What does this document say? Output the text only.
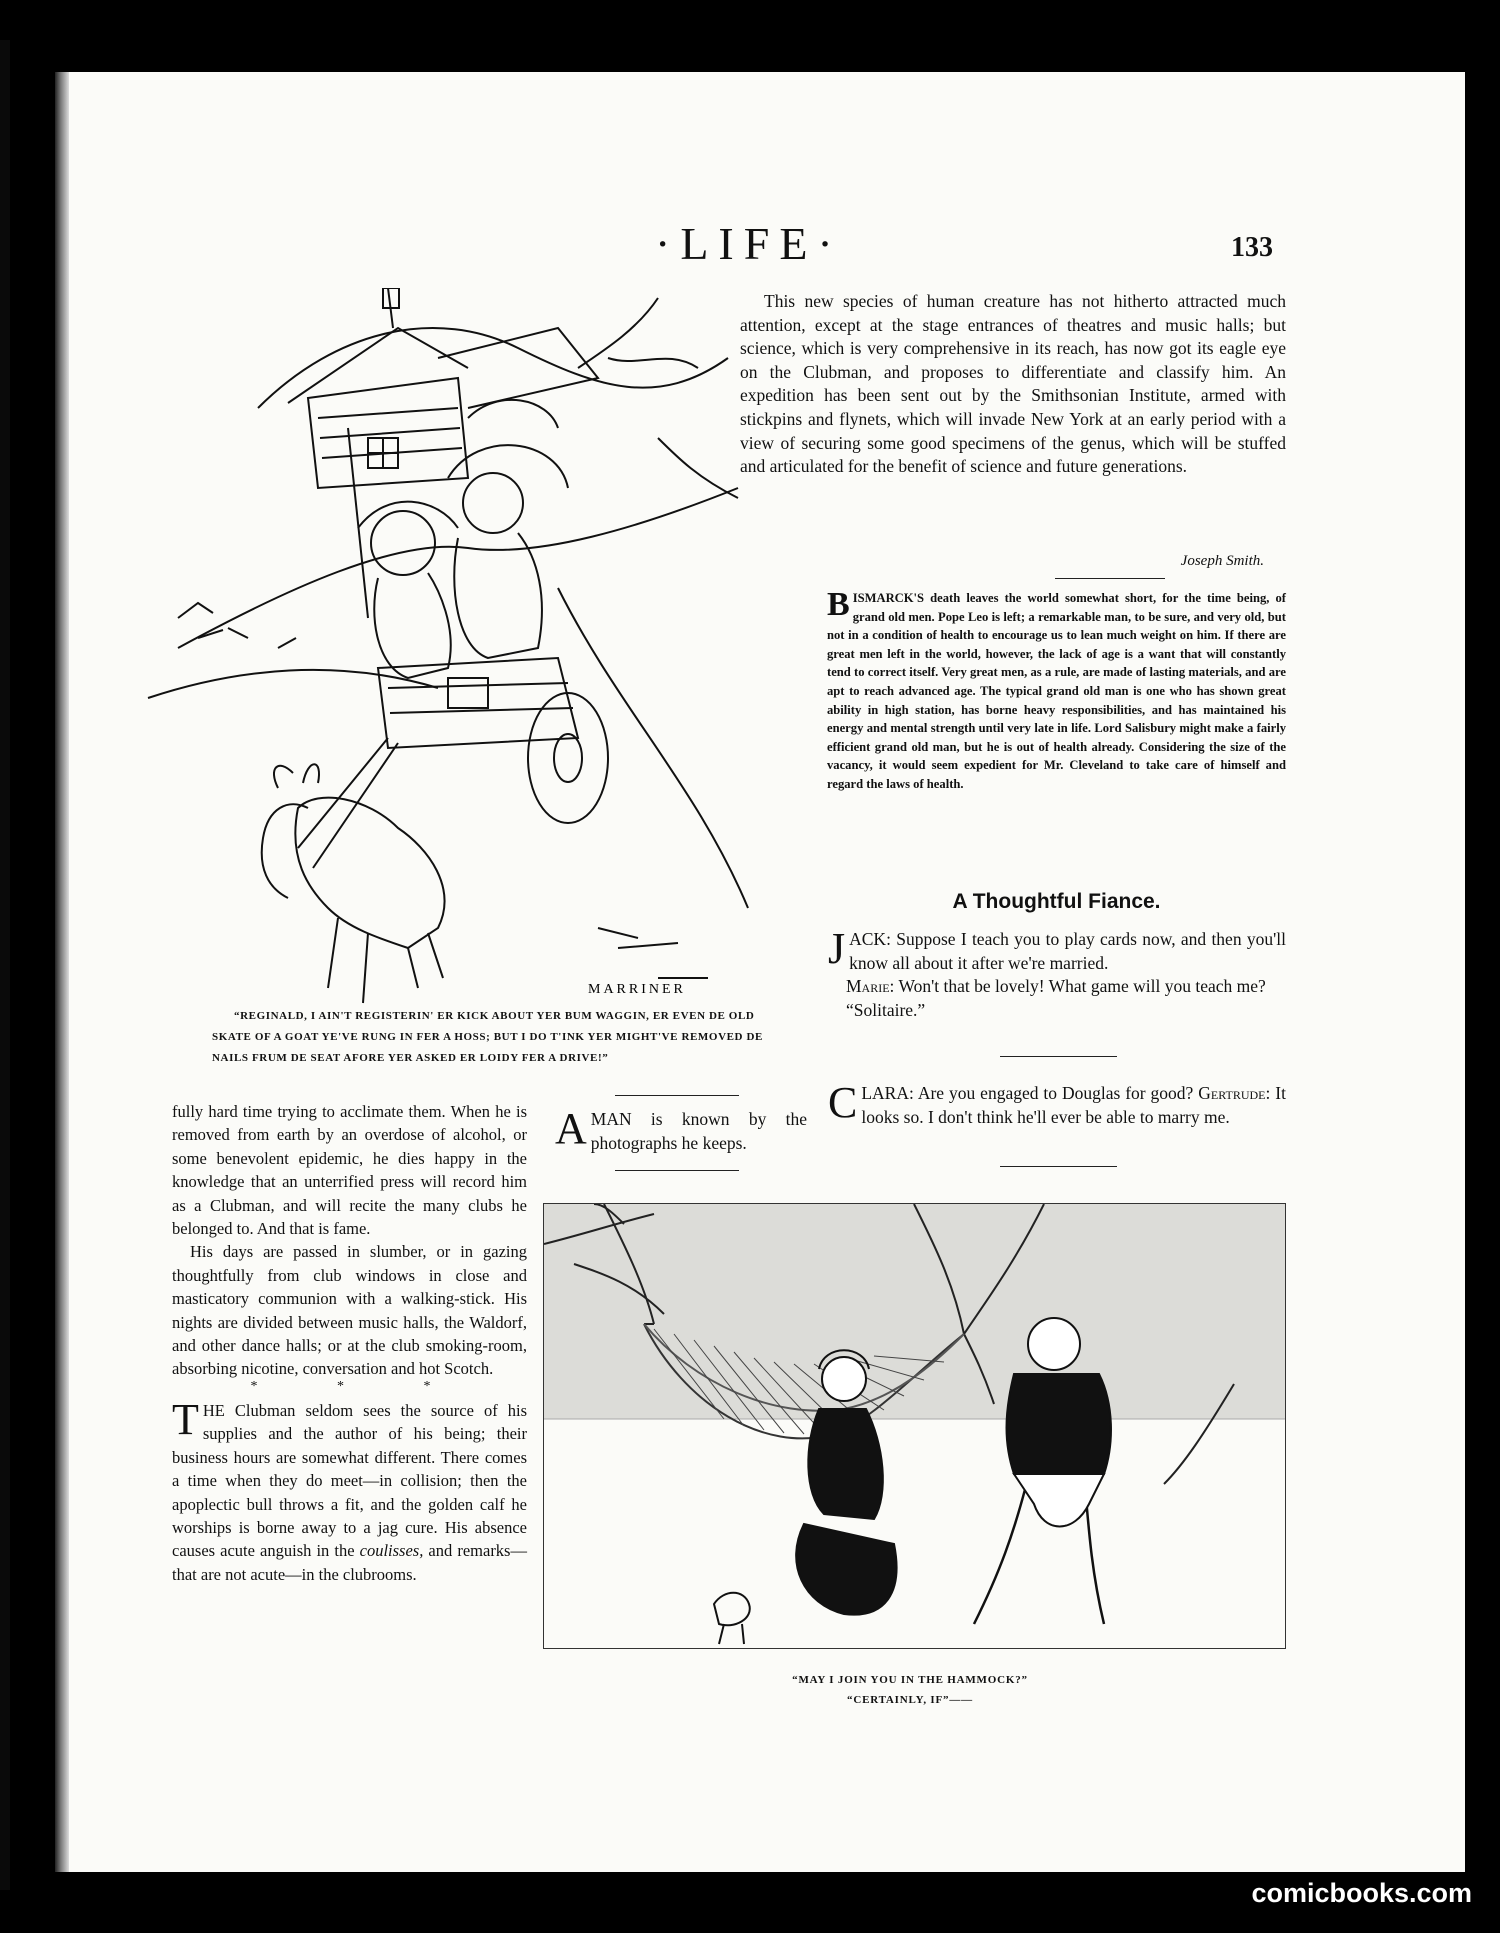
·LIFE·	133
MARRINER
“REGINALD, I AIN'T REGISTERIN' ER KICK ABOUT YER BUM WAGGIN, ER EVEN DE OLD SKATE OF A GOAT YE'VE RUNG IN FER A HOSS; BUT I DO T'INK YER MIGHT'VE REMOVED DE NAILS FRUM DE SEAT AFORE YER ASKED ER LOIDY FER A DRIVE!”

This new species of human creature has not hitherto attracted much attention, except at the stage entrances of theatres and music halls; but science, which is very comprehensive in its reach, has now got its eagle eye on the Clubman, and proposes to differentiate and classify him. An expedition has been sent out by the Smithsonian Institute, armed with stickpins and flynets, which will invade New York at an early period with a view of securing some good specimens of the genus, which will be stuffed and articulated for the benefit of science and future generations.

Joseph Smith.
B ISMARCK'S death leaves the world somewhat short, for the time being, of grand old men. Pope Leo is left; a remarkable man, to be sure, and very old, but not in a condition of health to encourage us to lean much weight on him. If there are great men left in the world, however, the lack of age is a want that will constantly tend to correct itself. Very great men, as a rule, are made of lasting materials, and are apt to reach advanced age. The typical grand old man is one who has shown great ability in high station, has borne heavy responsibilities, and has maintained his energy and mental strength until very late in life. Lord Salisbury might make a fairly efficient grand old man, but he is out of health already. Considering the size of the vacancy, it would seem expedient for Mr. Cleveland to take care of himself and regard the laws of health.
A Thoughtful Fiance.

JACK: Suppose I teach you to play cards now, and then you'll know all about it after we're married.

Marie: Won't that be lovely! What game will you teach me?

“Solitaire.”

CLARA: Are you engaged to Douglas for good? Gertrude: It looks so. I don't think he'll ever be able to marry me.

AMAN is known by the photographs he keeps.

fully hard time trying to acclimate them. When he is removed from earth by an overdose of alcohol, or some benevolent epidemic, he dies happy in the knowledge that an unterrified press will record him as a Clubman, and will recite the many clubs he belonged to. And that is fame.

His days are passed in slumber, or in gazing thoughtfully from club windows in close and masticatory communion with a walking-stick. His nights are divided between music halls, the Waldorf, and other dance halls; or at the club smoking-room, absorbing nicotine, conversation and hot Scotch.

* * *

THE Clubman seldom sees the source of his supplies and the author of his being; their business hours are somewhat different. There comes a time when they do meet—in collision; then the apoplectic bull throws a fit, and the golden calf he worships is borne away to a jag cure. His absence causes acute anguish in the coulisses, and remarks—that are not acute—in the clubrooms.

“MAY I JOIN YOU IN THE HAMMOCK?”
“CERTAINLY, IF”——
comicbooks.com
